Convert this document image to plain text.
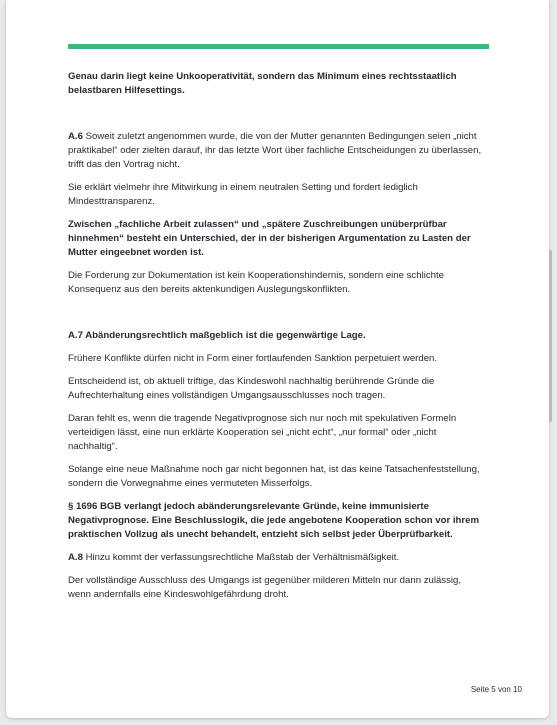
Genau darin liegt keine Unkooperativität, sondern das Minimum eines rechtsstaatlich belastbaren Hilfesettings.

A.6 Soweit zuletzt angenommen wurde, die von der Mutter genannten Bedingungen seien „nicht praktikabel“ oder zielten darauf, ihr das letzte Wort über fachliche Entscheidungen zu überlassen, trifft das den Vortrag nicht.

Sie erklärt vielmehr ihre Mitwirkung in einem neutralen Setting und fordert lediglich Mindesttransparenz.

Zwischen „fachliche Arbeit zulassen“ und „spätere Zuschreibungen unüberprüfbar hinnehmen“ besteht ein Unterschied, der in der bisherigen Argumentation zu Lasten der Mutter eingeebnet worden ist.

Die Forderung zur Dokumentation ist kein Kooperationshindernis, sondern eine schlichte Konsequenz aus den bereits aktenkundigen Auslegungskonflikten.

A.7 Abänderungsrechtlich maßgeblich ist die gegenwärtige Lage.

Frühere Konflikte dürfen nicht in Form einer fortlaufenden Sanktion perpetuiert werden.

Entscheidend ist, ob aktuell triftige, das Kindeswohl nachhaltig berührende Gründe die Aufrechterhaltung eines vollständigen Umgangsausschlusses noch tragen.

Daran fehlt es, wenn die tragende Negativprognose sich nur noch mit spekulativen Formeln verteidigen lässt, eine nun erklärte Kooperation sei „nicht echt“, „nur formal“ oder „nicht nachhaltig“.

Solange eine neue Maßnahme noch gar nicht begonnen hat, ist das keine Tatsachenfeststellung, sondern die Vorwegnahme eines vermuteten Misserfolgs.

§ 1696 BGB verlangt jedoch abänderungsrelevante Gründe, keine immunisierte Negativprognose. Eine Beschlusslogik, die jede angebotene Kooperation schon vor ihrem praktischen Vollzug als unecht behandelt, entzieht sich selbst jeder Überprüfbarkeit.

A.8 Hinzu kommt der verfassungsrechtliche Maßstab der Verhältnismäßigkeit.

Der vollständige Ausschluss des Umgangs ist gegenüber milderen Mitteln nur dann zulässig, wenn andernfalls eine Kindeswohlgefährdung droht.

Seite 5 von 10
